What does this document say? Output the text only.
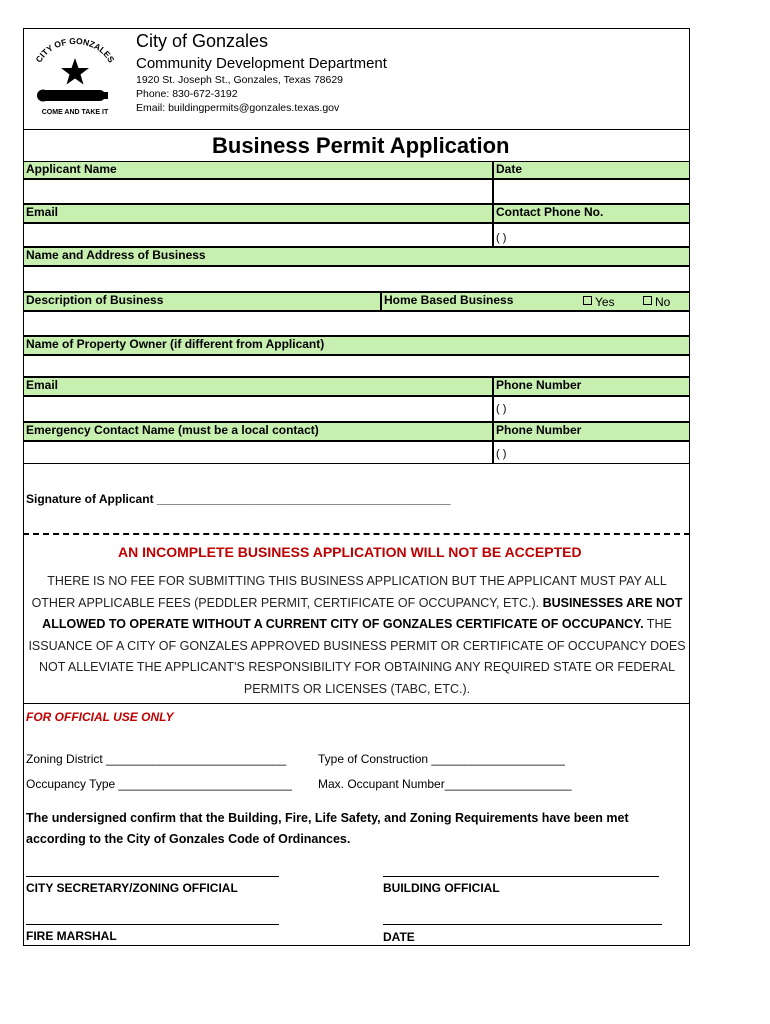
CITY OF GONZALES
COME AND TAKE IT
City of Gonzales
Community Development Department
1920 St. Joseph St., Gonzales, Texas 78629
Phone: 830-672-3192
Email: buildingpermits@gonzales.texas.gov
Business Permit Application
Applicant Name	Date
Email	Contact Phone No.
( )
Name and Address of Business
Description of Business	Home Based Business	Yes	No
Name of Property Owner (if different from Applicant)
Email	Phone Number
( )
Emergency Contact Name (must be a local contact)	Phone Number
( )
Signature of Applicant ____________________________________________
AN INCOMPLETE BUSINESS APPLICATION WILL NOT BE ACCEPTED
THERE IS NO FEE FOR SUBMITTING THIS BUSINESS APPLICATION BUT THE APPLICANT MUST PAY ALL OTHER APPLICABLE FEES (PEDDLER PERMIT, CERTIFICATE OF OCCUPANCY, ETC.). BUSINESSES ARE NOT ALLOWED TO OPERATE WITHOUT A CURRENT CITY OF GONZALES CERTIFICATE OF OCCUPANCY. THE ISSUANCE OF A CITY OF GONZALES APPROVED BUSINESS PERMIT OR CERTIFICATE OF OCCUPANCY DOES NOT ALLEVIATE THE APPLICANT'S RESPONSIBILITY FOR OBTAINING ANY REQUIRED STATE OR FEDERAL PERMITS OR LICENSES (TABC, ETC.).
FOR OFFICIAL USE ONLY
Zoning District ___________________________	Type of Construction ____________________
Occupancy Type __________________________ Max. Occupant Number___________________
The undersigned confirm that the Building, Fire, Life Safety, and Zoning Requirements have been met according to the City of Gonzales Code of Ordinances.
CITY SECRETARY/ZONING OFFICIAL	BUILDING OFFICIAL
FIRE MARSHAL	DATE
